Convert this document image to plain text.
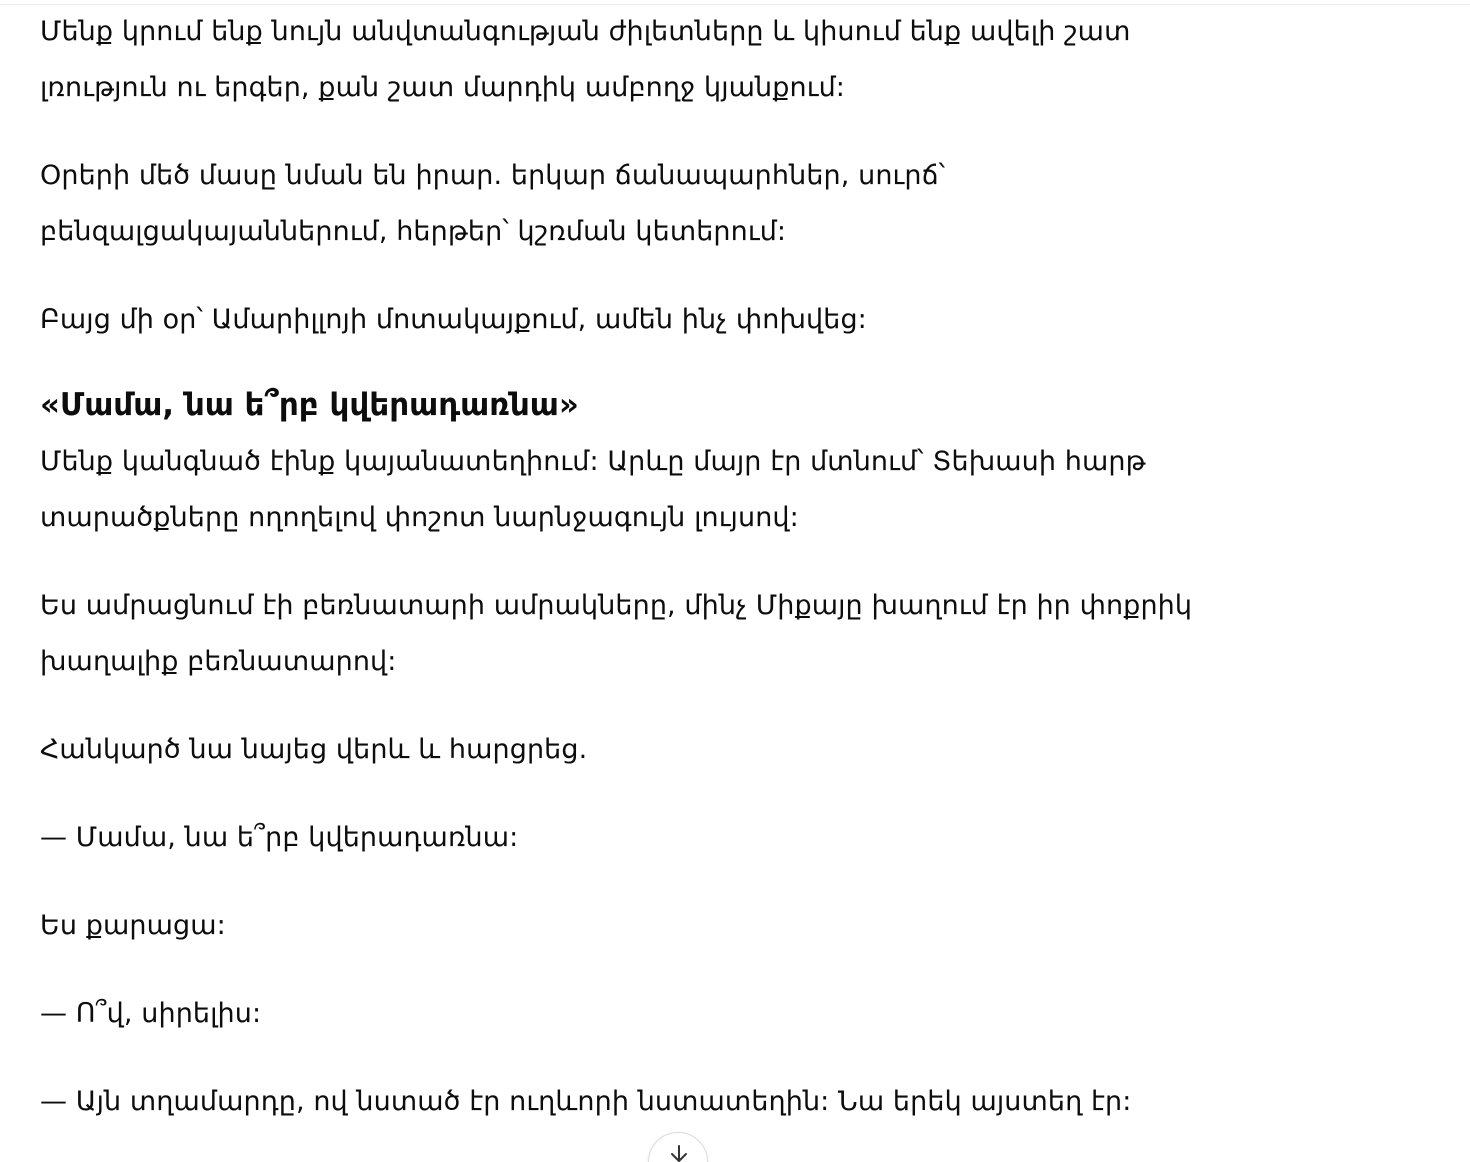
Մենք կրում ենք նույն անվտանգության ժիլետները և կիսում ենք ավելի շատ
լռություն ու երգեր, քան շատ մարդիկ ամբողջ կյանքում:

Օրերի մեծ մասը նման են իրար. երկար ճանապարհներ, սուրճ՝
բենզալցակայաններում, հերթեր՝ կշռման կետերում:

Բայց մի օր՝ Ամարիլլոյի մոտակայքում, ամեն ինչ փոխվեց:

«Մամա, նա ե՞րբ կվերադառնա»

Մենք կանգնած էինք կայանատեղիում: Արևը մայր էր մտնում՝ Տեխասի հարթ
տարածքները ողողելով փոշոտ նարնջագույն լույսով:

Ես ամրացնում էի բեռնատարի ամրակները, մինչ Միքայը խաղում էր իր փոքրիկ
խաղալիք բեռնատարով:

Հանկարծ նա նայեց վերև և հարցրեց.

— Մամա, նա ե՞րբ կվերադառնա:

Ես քարացա:

— Ո՞վ, սիրելիս:

— Այն տղամարդը, ով նստած էր ուղևորի նստատեղին: Նա երեկ այստեղ էր:
